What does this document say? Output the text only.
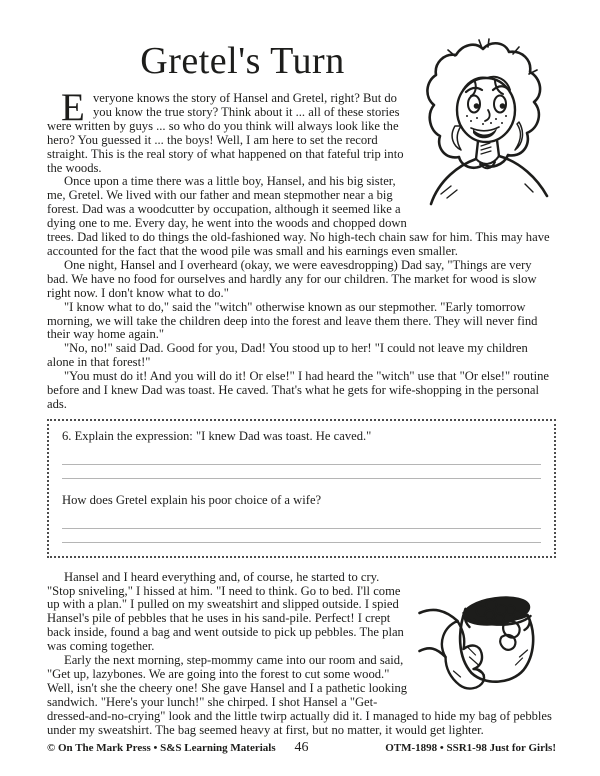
Gretel's Turn

Everyone knows the story of Hansel and Gretel, right? But do you know the true story? Think about it ... all of these stories were written by guys ... so who do you think will always look like the hero? You guessed it ... the boys! Well, I am here to set the record straight. This is the real story of what happened on that fateful trip into the woods.

Once upon a time there was a little boy, Hansel, and his big sister, me, Gretel. We lived with our father and mean stepmother near a big forest. Dad was a woodcutter by occupation, although it seemed like a dying one to me. Every day, he went into the woods and chopped down trees. Dad liked to do things the old-fashioned way. No high-tech chain saw for him. This may have accounted for the fact that the wood pile was small and his earnings even smaller.

One night, Hansel and I overheard (okay, we were eavesdropping) Dad say, "Things are very bad. We have no food for ourselves and hardly any for our children. The market for wood is slow right now. I don't know what to do."

"I know what to do," said the "witch" otherwise known as our stepmother. "Early tomorrow morning, we will take the children deep into the forest and leave them there. They will never find their way home again."

"No, no!" said Dad. Good for you, Dad! You stood up to her! "I could not leave my children alone in that forest!"

"You must do it! And you will do it! Or else!" I had heard the "witch" use that "Or else!" routine before and I knew Dad was toast. He caved. That's what he gets for wife-shopping in the personal ads.

6. Explain the expression: "I knew Dad was toast. He caved."

How does Gretel explain his poor choice of a wife?

Hansel and I heard everything and, of course, he started to cry. "Stop sniveling," I hissed at him. "I need to think. Go to bed. I'll come up with a plan." I pulled on my sweatshirt and slipped outside. I spied Hansel's pile of pebbles that he uses in his sand-pile. Perfect! I crept back inside, found a bag and went outside to pick up pebbles. The plan was coming together.

Early the next morning, step-mommy came into our room and said, "Get up, lazybones. We are going into the forest to cut some wood." Well, isn't she the cheery one! She gave Hansel and I a pathetic looking sandwich. "Here's your lunch!" she chirped. I shot Hansel a "Get-dressed-and-no-crying" look and the little twirp actually did it. I managed to hide my bag of pebbles under my sweatshirt. The bag seemed heavy at first, but no matter, it would get lighter.

© On The Mark Press • S&S Learning Materials 46	OTM-1898 • SSR1-98 Just for Girls!
